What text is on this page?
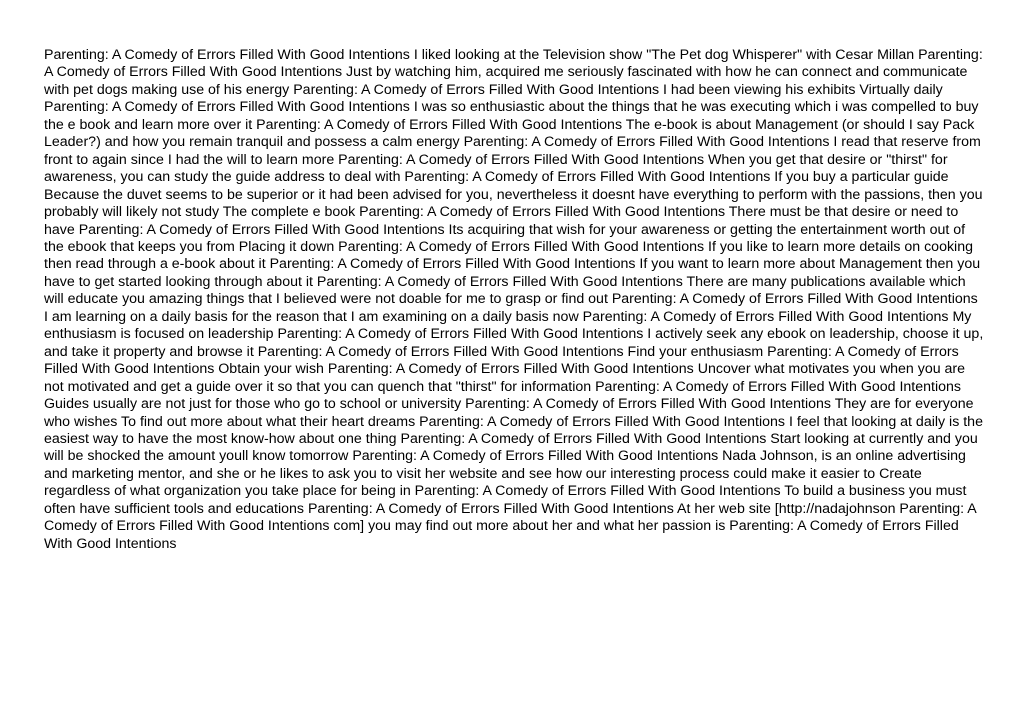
Parenting: A Comedy of Errors Filled With Good Intentions I liked looking at the Television show "The Pet dog Whisperer" with Cesar Millan Parenting: A Comedy of Errors Filled With Good Intentions Just by watching him, acquired me seriously fascinated with how he can connect and communicate with pet dogs making use of his energy Parenting: A Comedy of Errors Filled With Good Intentions I had been viewing his exhibits Virtually daily Parenting: A Comedy of Errors Filled With Good Intentions I was so enthusiastic about the things that he was executing which i was compelled to buy the e book and learn more over it Parenting: A Comedy of Errors Filled With Good Intentions The e-book is about Management (or should I say Pack Leader?) and how you remain tranquil and possess a calm energy Parenting: A Comedy of Errors Filled With Good Intentions I read that reserve from front to again since I had the will to learn more Parenting: A Comedy of Errors Filled With Good Intentions When you get that desire or "thirst" for awareness, you can study the guide address to deal with Parenting: A Comedy of Errors Filled With Good Intentions If you buy a particular guide Because the duvet seems to be superior or it had been advised for you, nevertheless it doesnt have everything to perform with the passions, then you probably will likely not study The complete e book Parenting: A Comedy of Errors Filled With Good Intentions There must be that desire or need to have Parenting: A Comedy of Errors Filled With Good Intentions Its acquiring that wish for your awareness or getting the entertainment worth out of the ebook that keeps you from Placing it down Parenting: A Comedy of Errors Filled With Good Intentions If you like to learn more details on cooking then read through a e-book about it Parenting: A Comedy of Errors Filled With Good Intentions If you want to learn more about Management then you have to get started looking through about it Parenting: A Comedy of Errors Filled With Good Intentions There are many publications available which will educate you amazing things that I believed were not doable for me to grasp or find out Parenting: A Comedy of Errors Filled With Good Intentions I am learning on a daily basis for the reason that I am examining on a daily basis now Parenting: A Comedy of Errors Filled With Good Intentions My enthusiasm is focused on leadership Parenting: A Comedy of Errors Filled With Good Intentions I actively seek any ebook on leadership, choose it up, and take it property and browse it Parenting: A Comedy of Errors Filled With Good Intentions Find your enthusiasm Parenting: A Comedy of Errors Filled With Good Intentions Obtain your wish Parenting: A Comedy of Errors Filled With Good Intentions Uncover what motivates you when you are not motivated and get a guide over it so that you can quench that "thirst" for information Parenting: A Comedy of Errors Filled With Good Intentions Guides usually are not just for those who go to school or university Parenting: A Comedy of Errors Filled With Good Intentions They are for everyone who wishes To find out more about what their heart dreams Parenting: A Comedy of Errors Filled With Good Intentions I feel that looking at daily is the easiest way to have the most know-how about one thing Parenting: A Comedy of Errors Filled With Good Intentions Start looking at currently and you will be shocked the amount youll know tomorrow Parenting: A Comedy of Errors Filled With Good Intentions Nada Johnson, is an online advertising and marketing mentor, and she or he likes to ask you to visit her website and see how our interesting process could make it easier to Create regardless of what organization you take place for being in Parenting: A Comedy of Errors Filled With Good Intentions To build a business you must often have sufficient tools and educations Parenting: A Comedy of Errors Filled With Good Intentions At her web site [http://nadajohnson Parenting: A Comedy of Errors Filled With Good Intentions com] you may find out more about her and what her passion is Parenting: A Comedy of Errors Filled With Good Intentions
